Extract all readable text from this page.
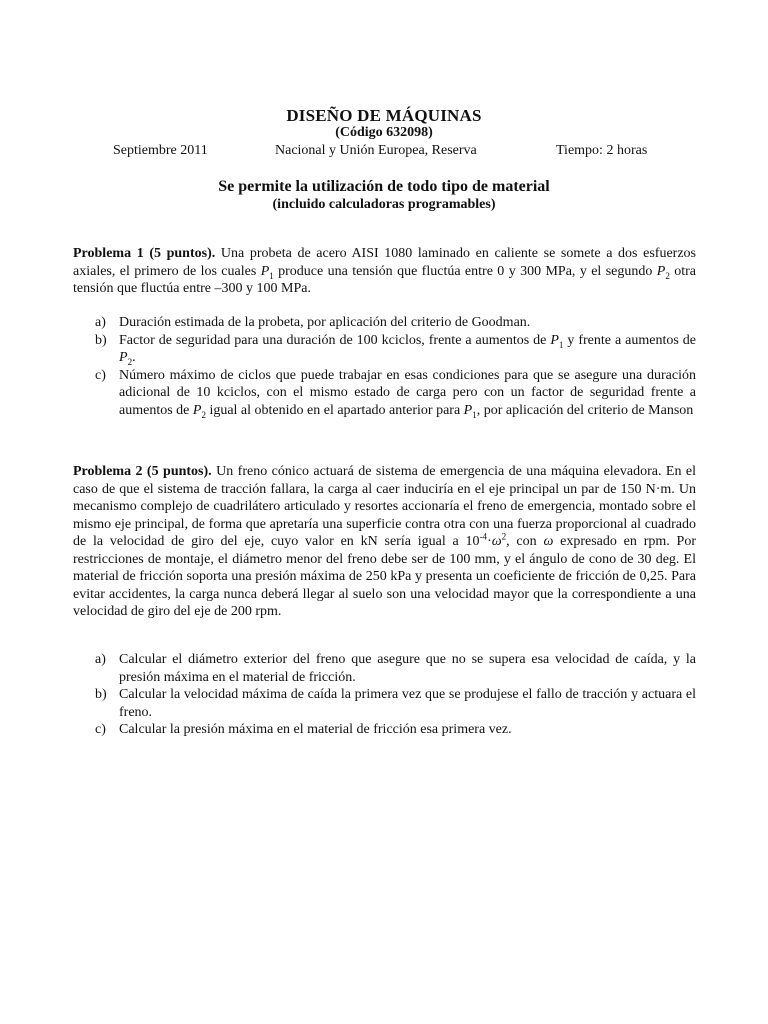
DISEÑO DE MÁQUINAS
(Código 632098)
Septiembre 2011	Nacional y Unión Europea, Reserva	Tiempo: 2 horas
Se permite la utilización de todo tipo de material
(incluido calculadoras programables)
Problema 1 (5 puntos). Una probeta de acero AISI 1080 laminado en caliente se somete a dos esfuerzos axiales, el primero de los cuales $P_1$ produce una tensión que fluctúa entre 0 y 300 MPa, y el segundo $P_2$ otra tensión que fluctúa entre –300 y 100 MPa.
a) Duración estimada de la probeta, por aplicación del criterio de Goodman.
b) Factor de seguridad para una duración de 100 kciclos, frente a aumentos de $P_1$ y frente a aumentos de $P_2$.
c) Número máximo de ciclos que puede trabajar en esas condiciones para que se asegure una duración adicional de 10 kciclos, con el mismo estado de carga pero con un factor de seguridad frente a aumentos de $P_2$ igual al obtenido en el apartado anterior para $P_1$, por aplicación del criterio de Manson
Problema 2 (5 puntos). Un freno cónico actuará de sistema de emergencia de una máquina elevadora. En el caso de que el sistema de tracción fallara, la carga al caer induciría en el eje principal un par de 150 N·m. Un mecanismo complejo de cuadrilátero articulado y resortes accionaría el freno de emergencia, montado sobre el mismo eje principal, de forma que apretaría una superficie contra otra con una fuerza proporcional al cuadrado de la velocidad de giro del eje, cuyo valor en kN sería igual a $10^{-4}\cdot\omega^2$, con ω expresado en rpm. Por restricciones de montaje, el diámetro menor del freno debe ser de 100 mm, y el ángulo de cono de 30 deg. El material de fricción soporta una presión máxima de 250 kPa y presenta un coeficiente de fricción de 0,25. Para evitar accidentes, la carga nunca deberá llegar al suelo son una velocidad mayor que la correspondiente a una velocidad de giro del eje de 200 rpm.
a) Calcular el diámetro exterior del freno que asegure que no se supera esa velocidad de caída, y la presión máxima en el material de fricción.
b) Calcular la velocidad máxima de caída la primera vez que se produjese el fallo de tracción y actuara el freno.
c) Calcular la presión máxima en el material de fricción esa primera vez.
